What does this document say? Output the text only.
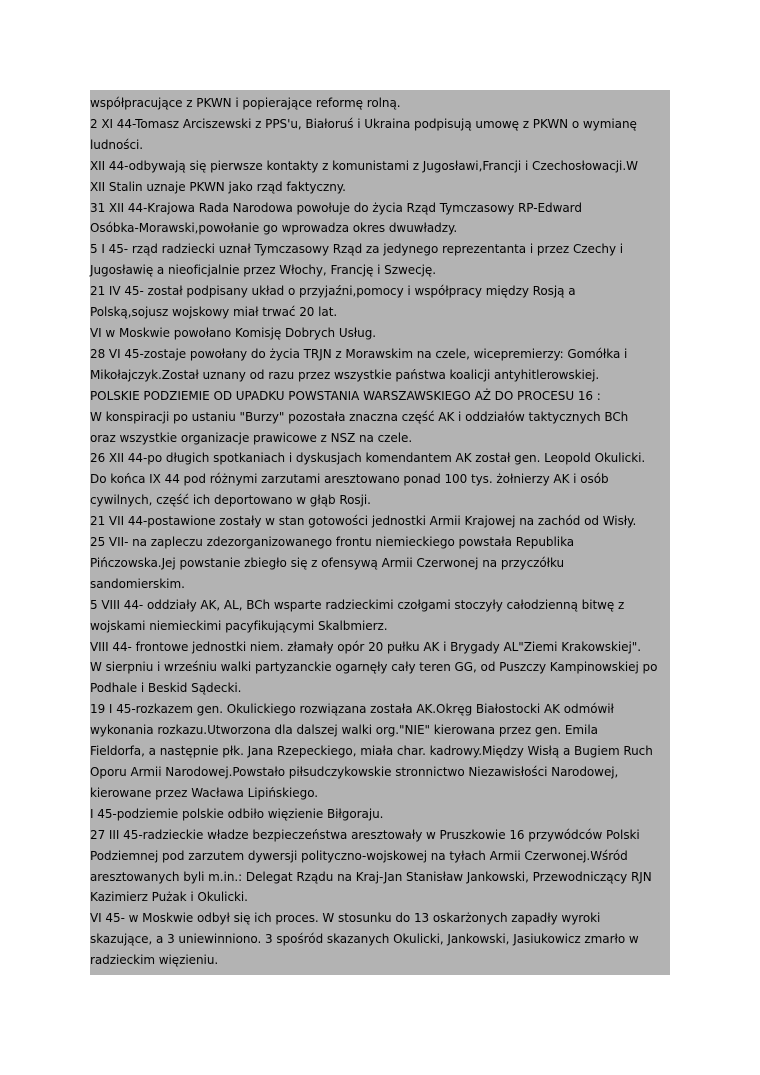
współpracujące z PKWN i popierające reformę rolną.
2 XI 44-Tomasz Arciszewski z PPS'u, Białoruś i Ukraina podpisują umowę z PKWN o wymianę
ludności.
XII 44-odbywają się pierwsze kontakty z komunistami z Jugosławi,Francji i Czechosłowacji.W
XII Stalin uznaje PKWN jako rząd faktyczny.
31 XII 44-Krajowa Rada Narodowa powołuje do życia Rząd Tymczasowy RP-Edward
Osóbka-Morawski,powołanie go wprowadza okres dwuwładzy.
5 I 45- rząd radziecki uznał Tymczasowy Rząd za jedynego reprezentanta i przez Czechy i
Jugosławię a nieoficjalnie przez Włochy, Francję i Szwecję.
21 IV 45- został podpisany układ o przyjaźni,pomocy i współpracy między Rosją a
Polską,sojusz wojskowy miał trwać 20 lat.
VI w Moskwie powołano Komisję Dobrych Usług.
28 VI 45-zostaje powołany do życia TRJN z Morawskim na czele, wicepremierzy: Gomółka i
Mikołajczyk.Został uznany od razu przez wszystkie państwa koalicji antyhitlerowskiej.
POLSKIE PODZIEMIE OD UPADKU POWSTANIA WARSZAWSKIEGO AŻ DO PROCESU 16 :
W konspiracji po ustaniu "Burzy" pozostała znaczna część AK i oddziałów taktycznych BCh
oraz wszystkie organizacje prawicowe z NSZ na czele.
26 XII 44-po długich spotkaniach i dyskusjach komendantem AK został gen. Leopold Okulicki.
Do końca IX 44 pod różnymi zarzutami aresztowano ponad 100 tys. żołnierzy AK i osób
cywilnych, część ich deportowano w głąb Rosji.
21 VII 44-postawione zostały w stan gotowości jednostki Armii Krajowej na zachód od Wisły.
25 VII- na zapleczu zdezorganizowanego frontu niemieckiego powstała Republika
Pińczowska.Jej powstanie zbiegło się z ofensywą Armii Czerwonej na przyczółku
sandomierskim.
5 VIII 44- oddziały AK, AL, BCh wsparte radzieckimi czołgami stoczyły całodzienną bitwę z
wojskami niemieckimi pacyfikującymi Skalbmierz.
VIII 44- frontowe jednostki niem. złamały opór 20 pułku AK i Brygady AL"Ziemi Krakowskiej".
W sierpniu i wrześniu walki partyzanckie ogarnęły cały teren GG, od Puszczy Kampinowskiej po
Podhale i Beskid Sądecki.
19 I 45-rozkazem gen. Okulickiego rozwiązana została AK.Okręg Białostocki AK odmówił
wykonania rozkazu.Utworzona dla dalszej walki org."NIE" kierowana przez gen. Emila
Fieldorfa, a następnie płk. Jana Rzepeckiego, miała char. kadrowy.Między Wisłą a Bugiem Ruch
Oporu Armii Narodowej.Powstało piłsudczykowskie stronnictwo Niezawisłości Narodowej,
kierowane przez Wacława Lipińskiego.
I 45-podziemie polskie odbiło więzienie Biłgoraju.
27 III 45-radzieckie władze bezpieczeństwa aresztowały w Pruszkowie 16 przywódców Polski
Podziemnej pod zarzutem dywersji polityczno-wojskowej na tyłach Armii Czerwonej.Wśród
aresztowanych byli m.in.: Delegat Rządu na Kraj-Jan Stanisław Jankowski, Przewodniczący RJN
Kazimierz Pużak i Okulicki.
VI 45- w Moskwie odbył się ich proces. W stosunku do 13 oskarżonych zapadły wyroki
skazujące, a 3 uniewinniono. 3 spośród skazanych Okulicki, Jankowski, Jasiukowicz zmarło w
radzieckim więzieniu.
